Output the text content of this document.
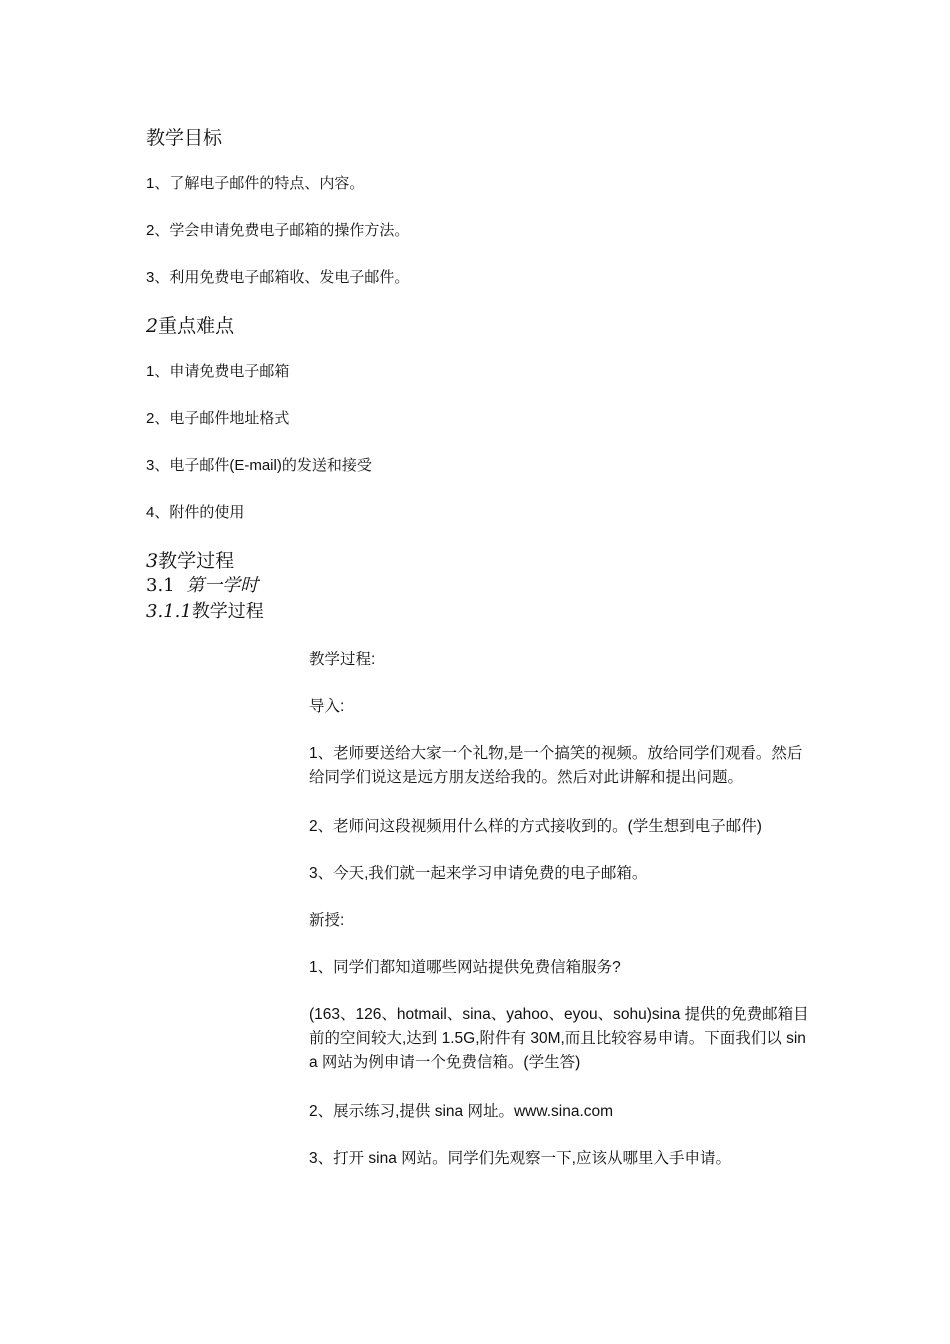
教学目标
1、了解电子邮件的特点、内容。
2、学会申请免费电子邮箱的操作方法。
3、利用免费电子邮箱收、发电子邮件。
2重点难点
1、申请免费电子邮箱
2、电子邮件地址格式
3、电子邮件(E-mail)的发送和接受
4、附件的使用
3教学过程
3.1 第一学时
3.1.1教学过程
教学过程:
导入:
1、老师要送给大家一个礼物,是一个搞笑的视频。放给同学们观看。然后给同学们说这是远方朋友送给我的。然后对此讲解和提出问题。
2、老师问这段视频用什么样的方式接收到的。(学生想到电子邮件)
3、今天,我们就一起来学习申请免费的电子邮箱。
新授:
1、同学们都知道哪些网站提供免费信箱服务?
(163、126、hotmail、sina、yahoo、eyou、sohu)sina 提供的免费邮箱目前的空间较大,达到 1.5G,附件有 30M,而且比较容易申请。下面我们以 sina 网站为例申请一个免费信箱。(学生答)
2、展示练习,提供 sina 网址。www.sina.com
3、打开 sina 网站。同学们先观察一下,应该从哪里入手申请。
